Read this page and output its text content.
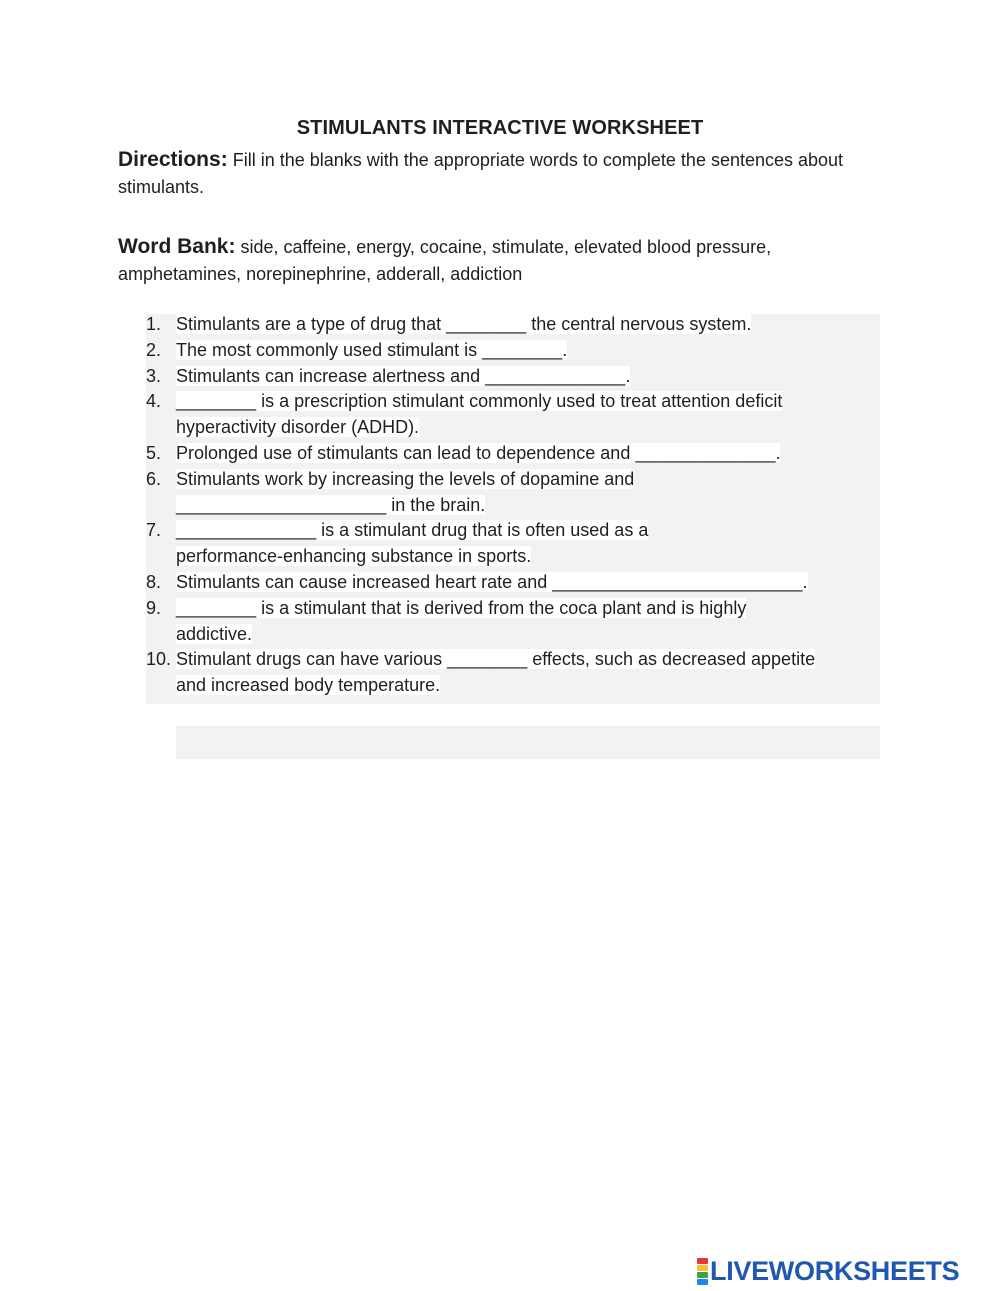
STIMULANTS INTERACTIVE WORKSHEET
Directions: Fill in the blanks with the appropriate words to complete the sentences about stimulants.
Word Bank: side, caffeine, energy, cocaine, stimulate, elevated blood pressure, amphetamines, norepinephrine, adderall, addiction
1. Stimulants are a type of drug that ________ the central nervous system.
2. The most commonly used stimulant is ________.
3. Stimulants can increase alertness and ______________.
4. ________ is a prescription stimulant commonly used to treat attention deficit
hyperactivity disorder (ADHD).
5. Prolonged use of stimulants can lead to dependence and ______________.
6. Stimulants work by increasing the levels of dopamine and
_____________________ in the brain.
7. ______________ is a stimulant drug that is often used as a
performance-enhancing substance in sports.
8. Stimulants can cause increased heart rate and _________________________.
9. ________ is a stimulant that is derived from the coca plant and is highly
addictive.
10. Stimulant drugs can have various ________ effects, such as decreased appetite
and increased body temperature.
LIVEWORKSHEETS
